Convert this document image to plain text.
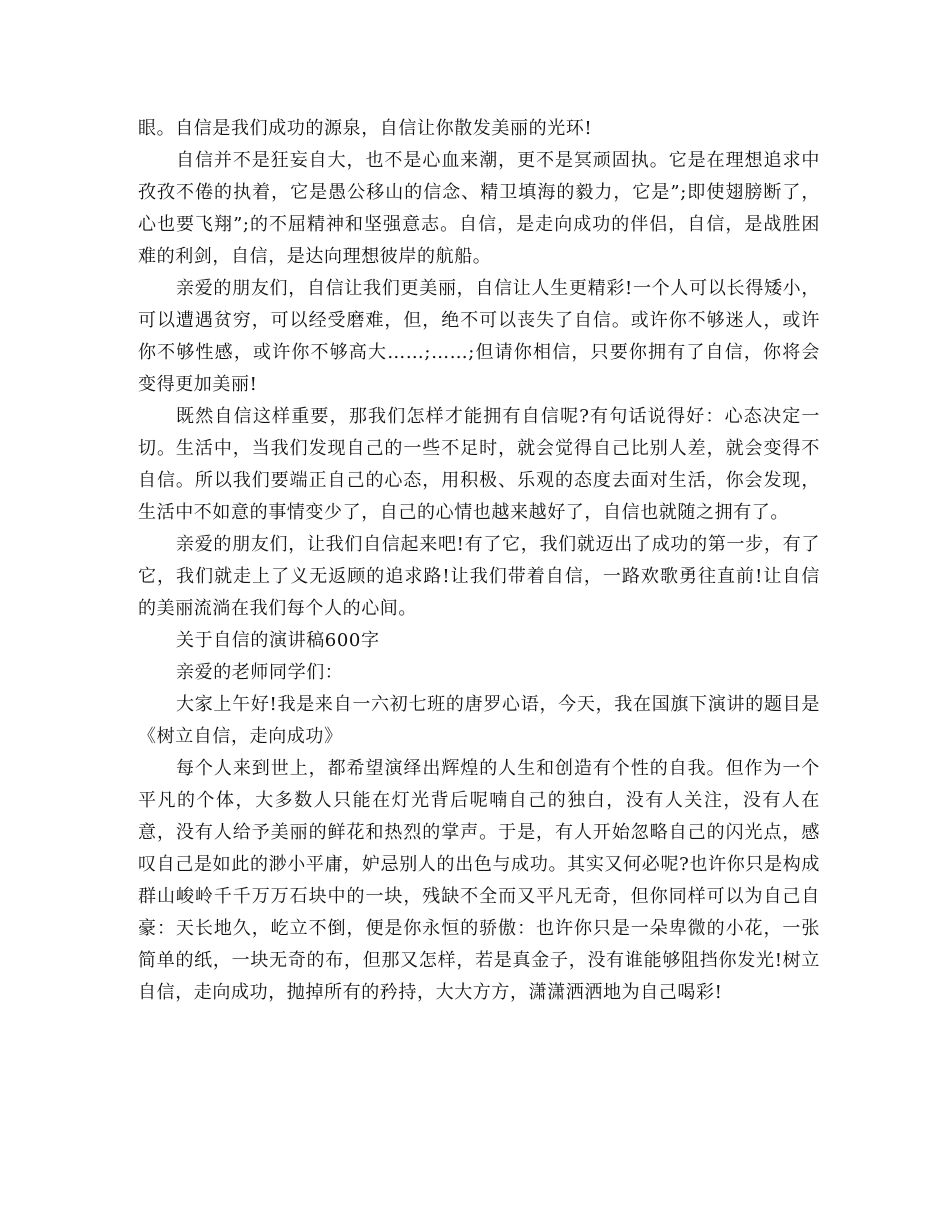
眼。自信是我们成功的源泉，自信让你散发美丽的光环!

自信并不是狂妄自大，也不是心血来潮，更不是冥顽固执。它是在理想追求中孜孜不倦的执着，它是愚公移山的信念、精卫填海的毅力，它是”;即使翅膀断了，心也要飞翔”;的不屈精神和坚强意志。自信，是走向成功的伴侣，自信，是战胜困难的利剑，自信，是达向理想彼岸的航船。

亲爱的朋友们，自信让我们更美丽，自信让人生更精彩!一个人可以长得矮小，可以遭遇贫穷，可以经受磨难，但，绝不可以丧失了自信。或许你不够迷人，或许你不够性感，或许你不够高大……;……;但请你相信，只要你拥有了自信，你将会变得更加美丽!

既然自信这样重要，那我们怎样才能拥有自信呢?有句话说得好：心态决定一切。生活中，当我们发现自己的一些不足时，就会觉得自己比别人差，就会变得不自信。所以我们要端正自己的心态，用积极、乐观的态度去面对生活，你会发现，生活中不如意的事情变少了，自己的心情也越来越好了，自信也就随之拥有了。

亲爱的朋友们，让我们自信起来吧!有了它，我们就迈出了成功的第一步，有了它，我们就走上了义无返顾的追求路!让我们带着自信，一路欢歌勇往直前!让自信的美丽流淌在我们每个人的心间。

关于自信的演讲稿600字

亲爱的老师同学们：

大家上午好!我是来自一六初七班的唐罗心语，今天，我在国旗下演讲的题目是《树立自信，走向成功》

每个人来到世上，都希望演绎出辉煌的人生和创造有个性的自我。但作为一个平凡的个体，大多数人只能在灯光背后呢喃自己的独白，没有人关注，没有人在意，没有人给予美丽的鲜花和热烈的掌声。于是，有人开始忽略自己的闪光点，感叹自己是如此的渺小平庸，妒忌别人的出色与成功。其实又何必呢?也许你只是构成群山峻岭千千万万石块中的一块，残缺不全而又平凡无奇，但你同样可以为自己自豪：天长地久，屹立不倒，便是你永恒的骄傲：也许你只是一朵卑微的小花，一张简单的纸，一块无奇的布，但那又怎样，若是真金子，没有谁能够阻挡你发光!树立自信，走向成功，抛掉所有的矜持，大大方方，潇潇洒洒地为自己喝彩!
